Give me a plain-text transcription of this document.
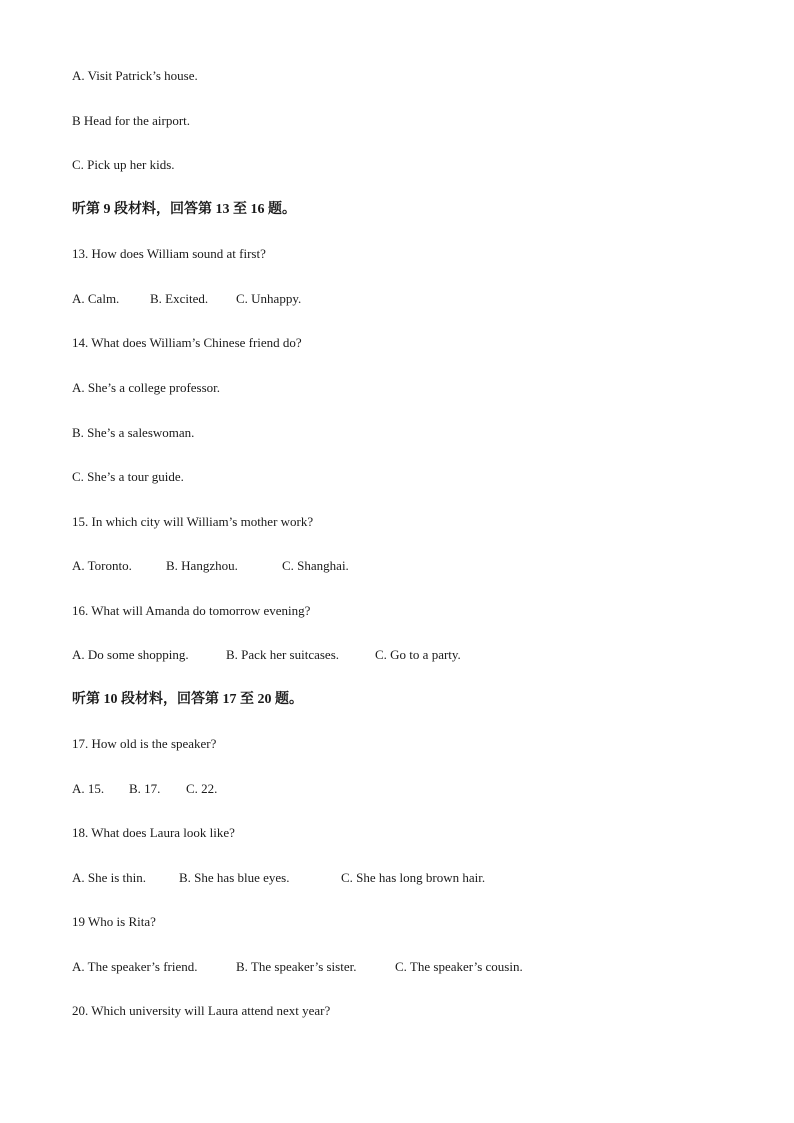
A. Visit Patrick’s house.
B Head for the airport.
C. Pick up her kids.
听第 9 段材料，回答第 13 至 16 题。
13. How does William sound at first?
A. Calm. B. Excited. C. Unhappy.
14. What does William’s Chinese friend do?
A. She’s a college professor.
B. She’s a saleswoman.
C. She’s a tour guide.
15. In which city will William’s mother work?
A. Toronto.	B. Hangzhou.	C. Shanghai.
16. What will Amanda do tomorrow evening?
A. Do some shopping.	B. Pack her suitcases.	C. Go to a party.
听第 10 段材料，回答第 17 至 20 题。
17. How old is the speaker?
A. 15. B. 17. C. 22.
18. What does Laura look like?
A. She is thin.	B. She has blue eyes.	C. She has long brown hair.
19 Who is Rita?
A. The speaker’s friend.	B. The speaker’s sister.	C. The speaker’s cousin.
20. Which university will Laura attend next year?
